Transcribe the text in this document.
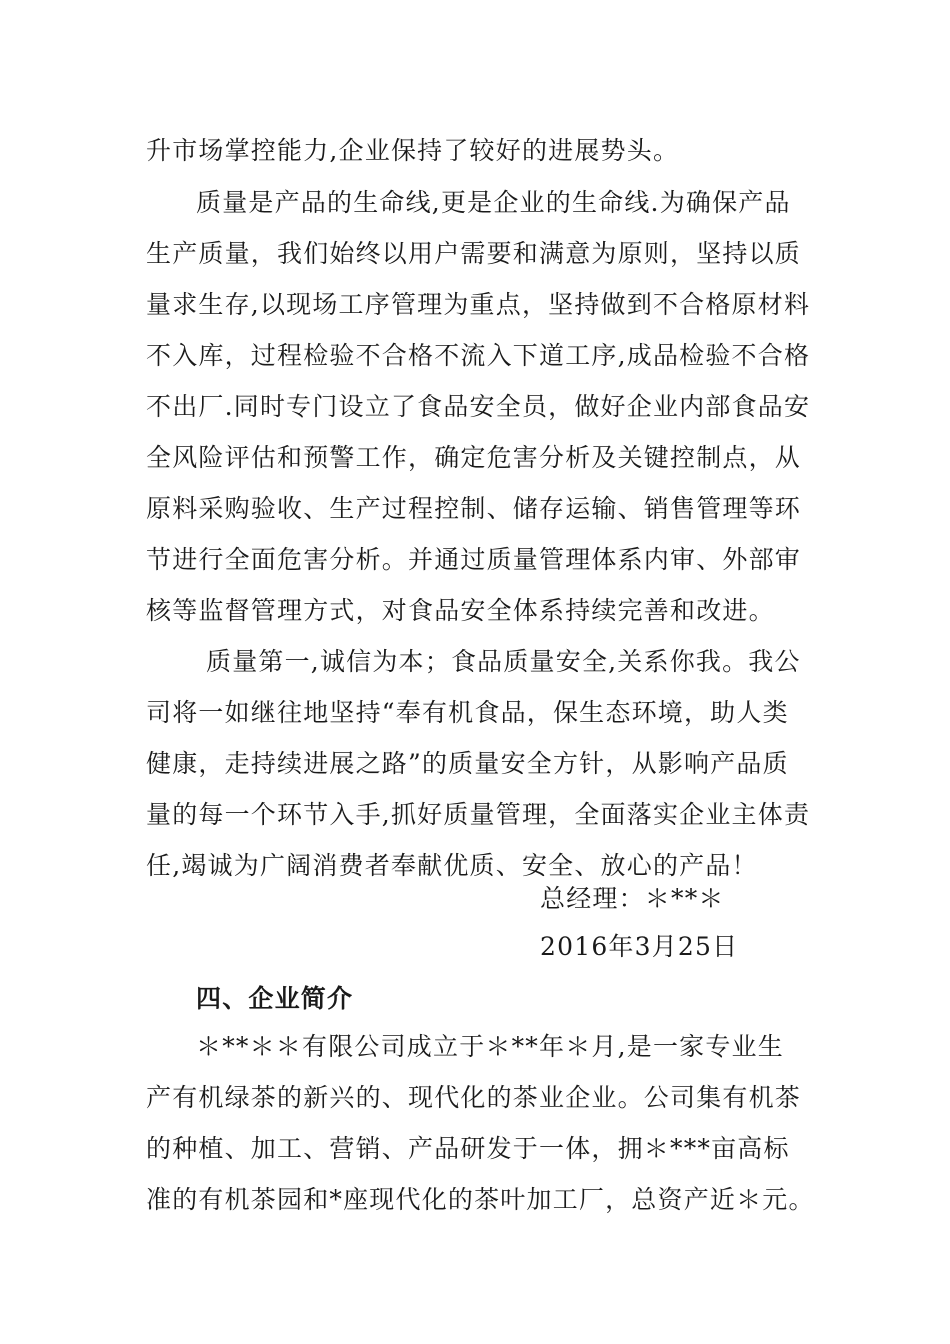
升市场掌控能力,企业保持了较好的进展势头。
质量是产品的生命线,更是企业的生命线.为确保产品
生产质量，我们始终以用户需要和满意为原则，坚持以质
量求生存,以现场工序管理为重点，坚持做到不合格原材料
不入库，过程检验不合格不流入下道工序,成品检验不合格
不出厂.同时专门设立了食品安全员，做好企业内部食品安
全风险评估和预警工作，确定危害分析及关键控制点，从
原料采购验收、生产过程控制、储存运输、销售管理等环
节进行全面危害分析。并通过质量管理体系内审、外部审
核等监督管理方式，对食品安全体系持续完善和改进。
质量第一,诚信为本；食品质量安全,关系你我。我公
司将一如继往地坚持“奉有机食品，保生态环境，助人类
健康，走持续进展之路”的质量安全方针，从影响产品质
量的每一个环节入手,抓好质量管理，全面落实企业主体责
任,竭诚为广阔消费者奉献优质、安全、放心的产品！
总经理：＊**＊
2016年3月25日
四、企业简介
＊**＊＊有限公司成立于＊**年＊月,是一家专业生
产有机绿茶的新兴的、现代化的茶业企业。公司集有机茶
的种植、加工、营销、产品研发于一体，拥＊***亩高标
准的有机茶园和*座现代化的茶叶加工厂，总资产近＊元。
